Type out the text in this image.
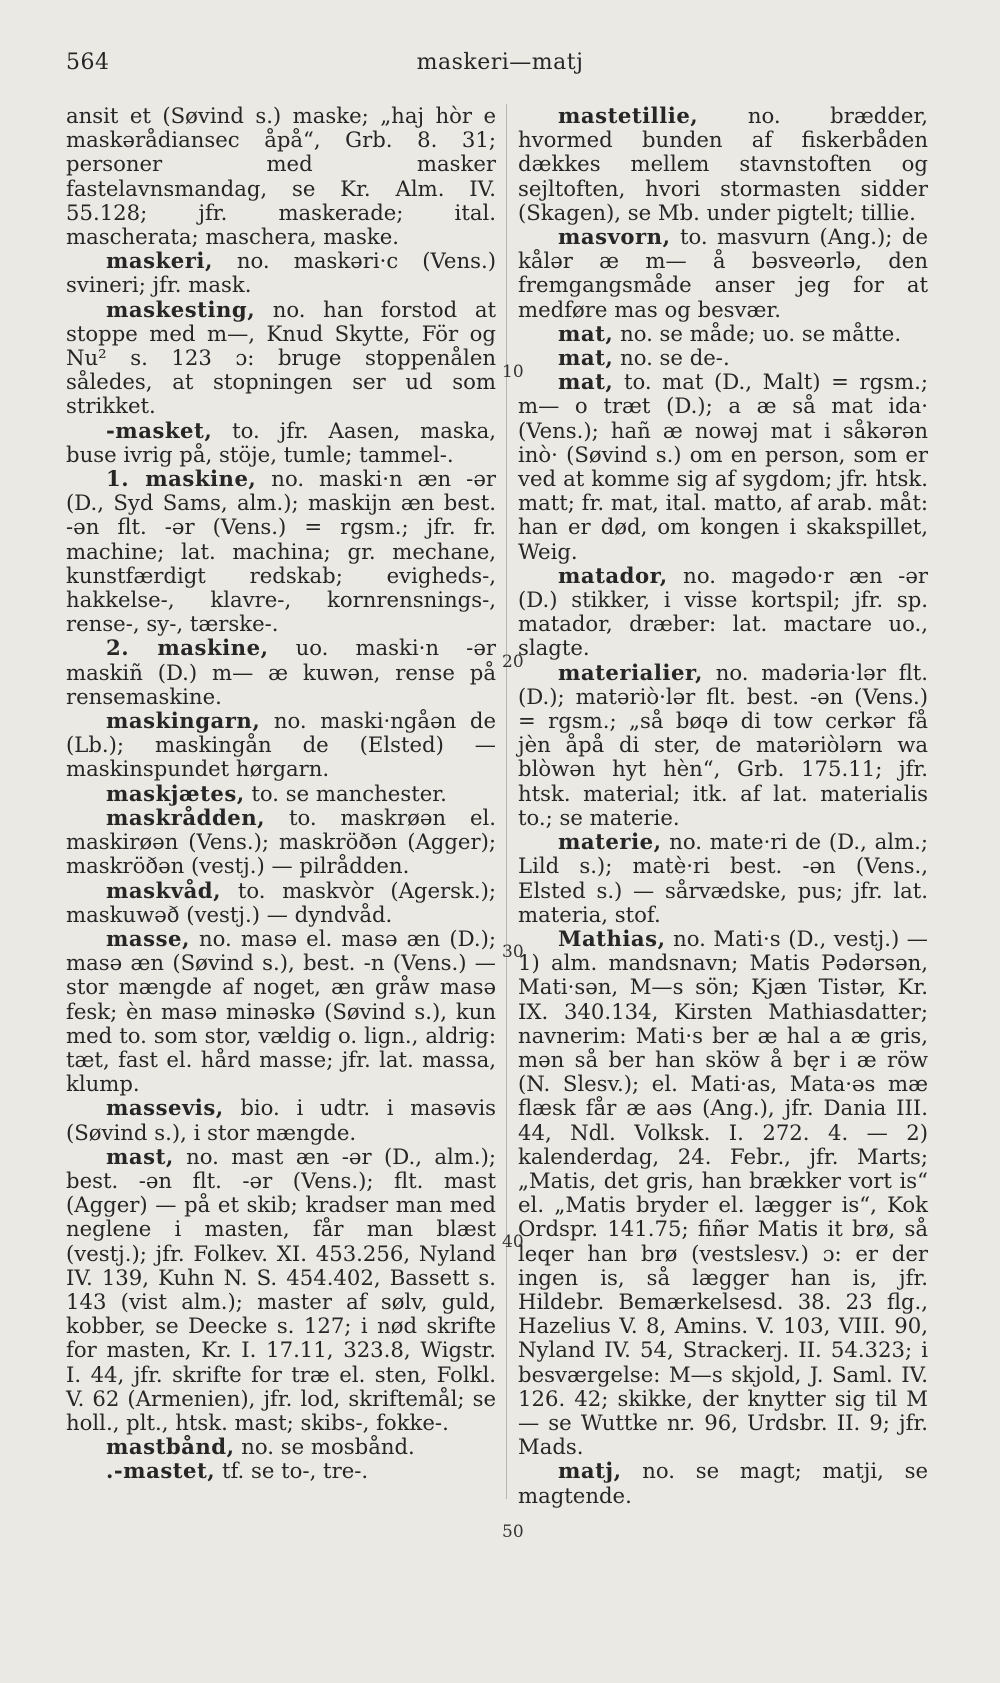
564	maskeri—matj

ansit et (Søvind s.) maske; „haj hòr e maskərådiansec åpå“, Grb. 8. 31; personer med masker fastelavnsmandag, se Kr. Alm. IV. 55.128; jfr. maskerade; ital. mascherata; maschera, maske.

maskeri, no. maskəri·c (Vens.) svineri; jfr. mask.

maskesting, no. han forstod at stoppe med m—, Knud Skytte, För og Nu² s. 123 ɔ: bruge stoppenålen således, at stopningen ser ud som strikket.

-masket, to. jfr. Aasen, maska, buse ivrig på, stöje, tumle; tammel-.

1. maskine, no. maski·n æn -ər (D., Syd Sams, alm.); maskijn æn best. -ən flt. -ər (Vens.) = rgsm.; jfr. fr. machine; lat. machina; gr. mechane, kunstfærdigt redskab; evigheds-, hakkelse-, klavre-, kornrensnings-, rense-, sy-, tærske-.

2. maskine, uo. maski·n -ər maskiñ (D.) m— æ kuwən, rense på rensemaskine.

maskingarn, no. maski·ngåən de (Lb.); maskingån de (Elsted) — maskinspundet hørgarn.

maskjætes, to. se manchester.

maskrådden, to. maskrøən el. maskirøən (Vens.); maskröðən (Agger); maskröðən (vestj.) — pilrådden.

maskvåd, to. maskvòr (Agersk.); maskuwəð (vestj.) — dyndvåd.

masse, no. masə el. masə æn (D.); masə æn (Søvind s.), best. -n (Vens.) — stor mængde af noget, æn gråw masə fesk; èn masə minəskə (Søvind s.), kun med to. som stor, vældig o. lign., aldrig: tæt, fast el. hård masse; jfr. lat. massa, klump.

massevis, bio. i udtr. i masəvis (Søvind s.), i stor mængde.

mast, no. mast æn -ər (D., alm.); best. -ən flt. -ər (Vens.); flt. mast (Agger) — på et skib; kradser man med neglene i masten, får man blæst (vestj.); jfr. Folkev. XI. 453.256, Nyland IV. 139, Kuhn N. S. 454.402, Bassett s. 143 (vist alm.); master af sølv, guld, kobber, se Deecke s. 127; i nød skrifte for masten, Kr. I. 17.11, 323.8, Wigstr. I. 44, jfr. skrifte for træ el. sten, Folkl. V. 62 (Armenien), jfr. lod, skriftemål; se holl., plt., htsk. mast; skibs-, fokke-.

mastbånd, no. se mosbånd.

.-mastet, tf. se to-, tre-.

mastetillie, no. brædder, hvormed bunden af fiskerbåden dækkes mellem stavnstoften og sejltoften, hvori stormasten sidder (Skagen), se Mb. under pigtelt; tillie.

masvorn, to. masvurn (Ang.); de kålər æ m— å bəsveərlə, den fremgangsmåde anser jeg for at medføre mas og besvær.

mat, no. se måde; uo. se måtte.

mat, no. se de-.

mat, to. mat (D., Malt) = rgsm.; m— o træt (D.); a æ så mat ida· (Vens.); hañ æ nowəj mat i såkərən inò· (Søvind s.) om en person, som er ved at komme sig af sygdom; jfr. htsk. matt; fr. mat, ital. matto, af arab. måt: han er død, om kongen i skakspillet, Weig.

matador, no. magədo·r æn -ər (D.) stikker, i visse kortspil; jfr. sp. matador, dræber: lat. mactare uo., slagte.

materialier, no. madəria·lər flt. (D.); matəriò·lər flt. best. -ən (Vens.) = rgsm.; „så bøqə di tow cerkər få jèn åpå di ster, de matəriòlərn wa blòwən hyt hèn“, Grb. 175.11; jfr. htsk. material; itk. af lat. materialis to.; se materie.

materie, no. mate·ri de (D., alm.; Lild s.); matè·ri best. -ən (Vens., Elsted s.) — sårvædske, pus; jfr. lat. materia, stof.

Mathias, no. Mati·s (D., vestj.) — 1) alm. mandsnavn; Matis Pədərsən, Mati·sən, M—s sön; Kjæn Tistər, Kr. IX. 340.134, Kirsten Mathiasdatter; navnerim: Mati·s ber æ hal a æ gris, mən så ber han sköw å bęr i æ röw (N. Slesv.); el. Mati·as, Mata·əs mæ flæsk får æ aəs (Ang.), jfr. Dania III. 44, Ndl. Volksk. I. 272. 4. — 2) kalenderdag, 24. Febr., jfr. Marts; „Matis, det gris, han brækker vort is“ el. „Matis bryder el. lægger is“, Kok Ordspr. 141.75; fiñər Matis it brø, så leqer han brø (vestslesv.) ɔ: er der ingen is, så lægger han is, jfr. Hildebr. Bemærkelsesd. 38. 23 flg., Hazelius V. 8, Amins. V. 103, VIII. 90, Nyland IV. 54, Strackerj. II. 54.323; i besværgelse: M—s skjold, J. Saml. IV. 126. 42; skikke, der knytter sig til M— se Wuttke nr. 96, Urdsbr. II. 9; jfr. Mads.

matj, no. se magt; matji, se magtende.

10
20
30
40
50
